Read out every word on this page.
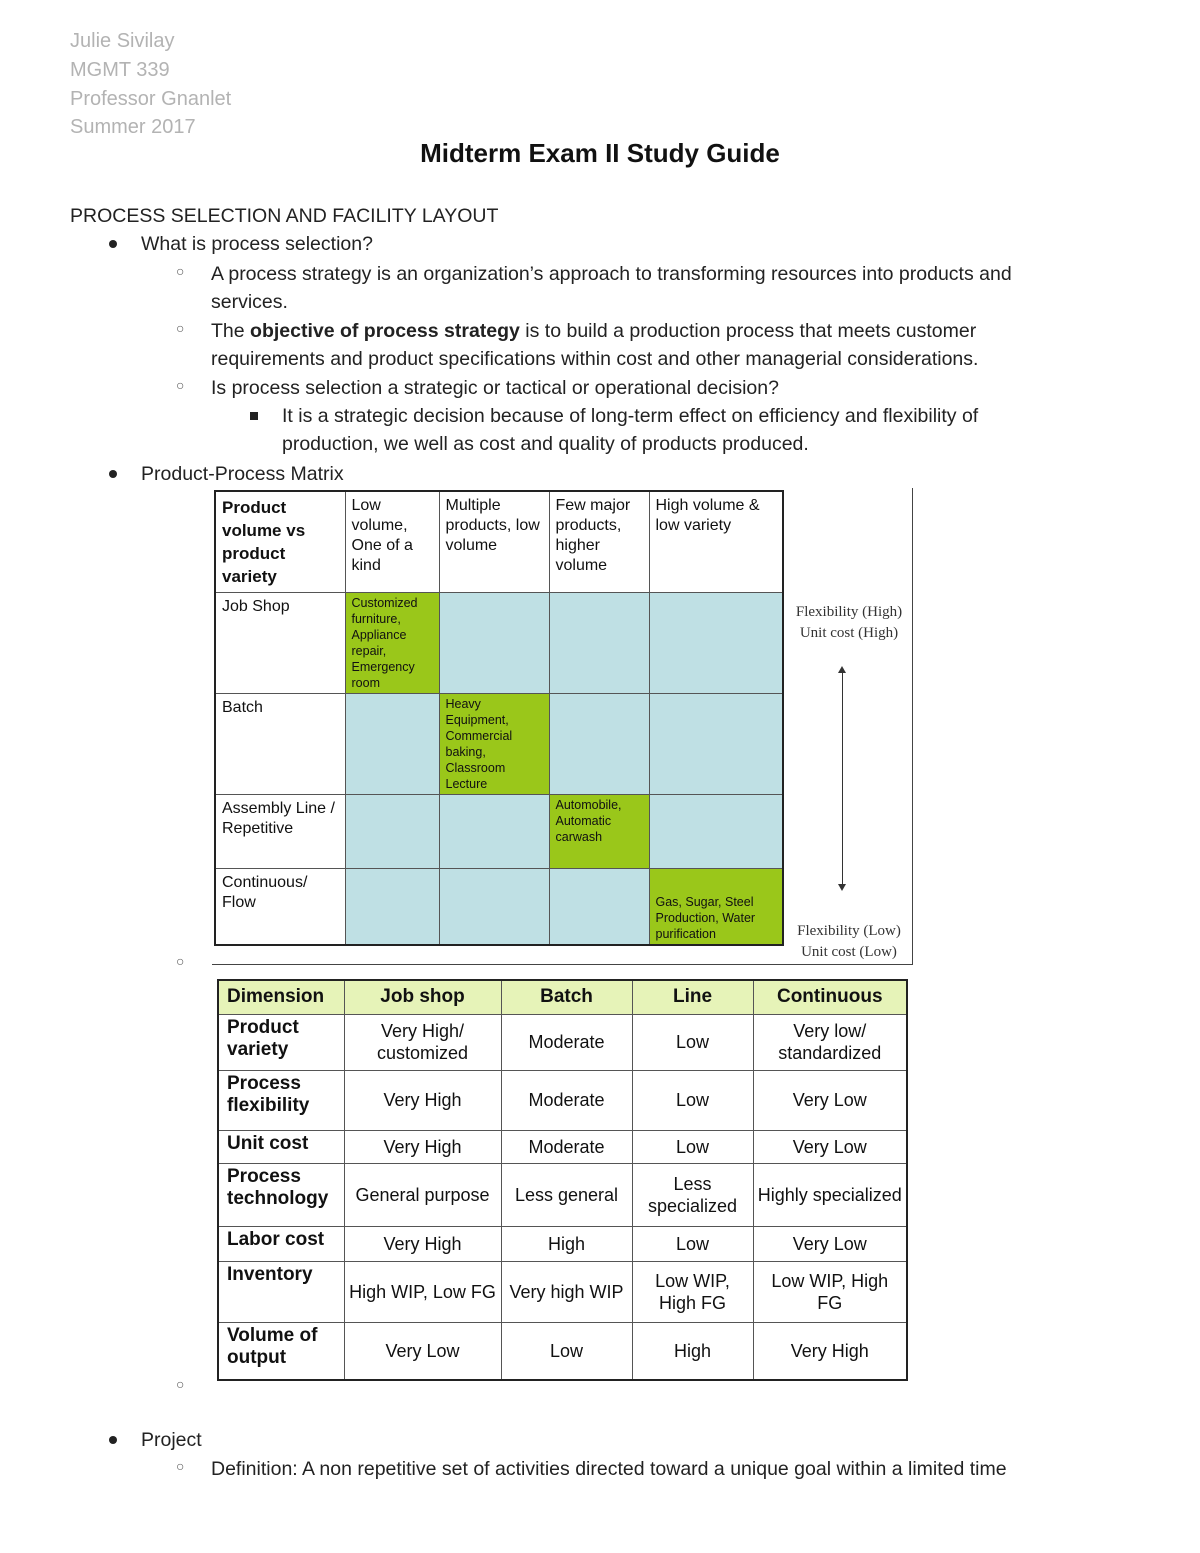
Julie Sivilay
MGMT 339
Professor Gnanlet
Summer 2017
Midterm Exam II Study Guide
PROCESS SELECTION AND FACILITY LAYOUT
What is process selection?
○ A process strategy is an organization’s approach to transforming resources into products and
services.
○ The objective of process strategy is to build a production process that meets customer
requirements and product specifications within cost and other managerial considerations.
○ Is process selection a strategic or tactical or operational decision?
It is a strategic decision because of long-term effect on efficiency and flexibility of
production, we well as cost and quality of products produced.
Product-Process Matrix
Product volume vs product variety	Low volume, One of a kind	Multiple products, low volume	Few major products, higher volume	High volume & low variety
Job Shop	Customized furniture, Appliance repair, Emergency room			
Batch		Heavy Equipment, Commercial baking, Classroom Lecture		
Assembly Line / Repetitive			Automobile, Automatic carwash	
Continuous/ Flow				Gas, Sugar, Steel Production, Water purification
Flexibility (High)
Unit cost (High)
Flexibility (Low)
Unit cost (Low)
○
Dimension	Job shop	Batch	Line	Continuous
Product variety	Very High/ customized	Moderate	Low	Very low/ standardized
Process flexibility	Very High	Moderate	Low	Very Low
Unit cost	Very High	Moderate	Low	Very Low
Process technology	General purpose	Less general	Less specialized	Highly specialized
Labor cost	Very High	High	Low	Very Low
Inventory	High WIP, Low FG	Very high WIP	Low WIP, High FG	Low WIP, High FG
Volume of output	Very Low	Low	High	Very High
○
Project
○ Definition: A non repetitive set of activities directed toward a unique goal within a limited time
